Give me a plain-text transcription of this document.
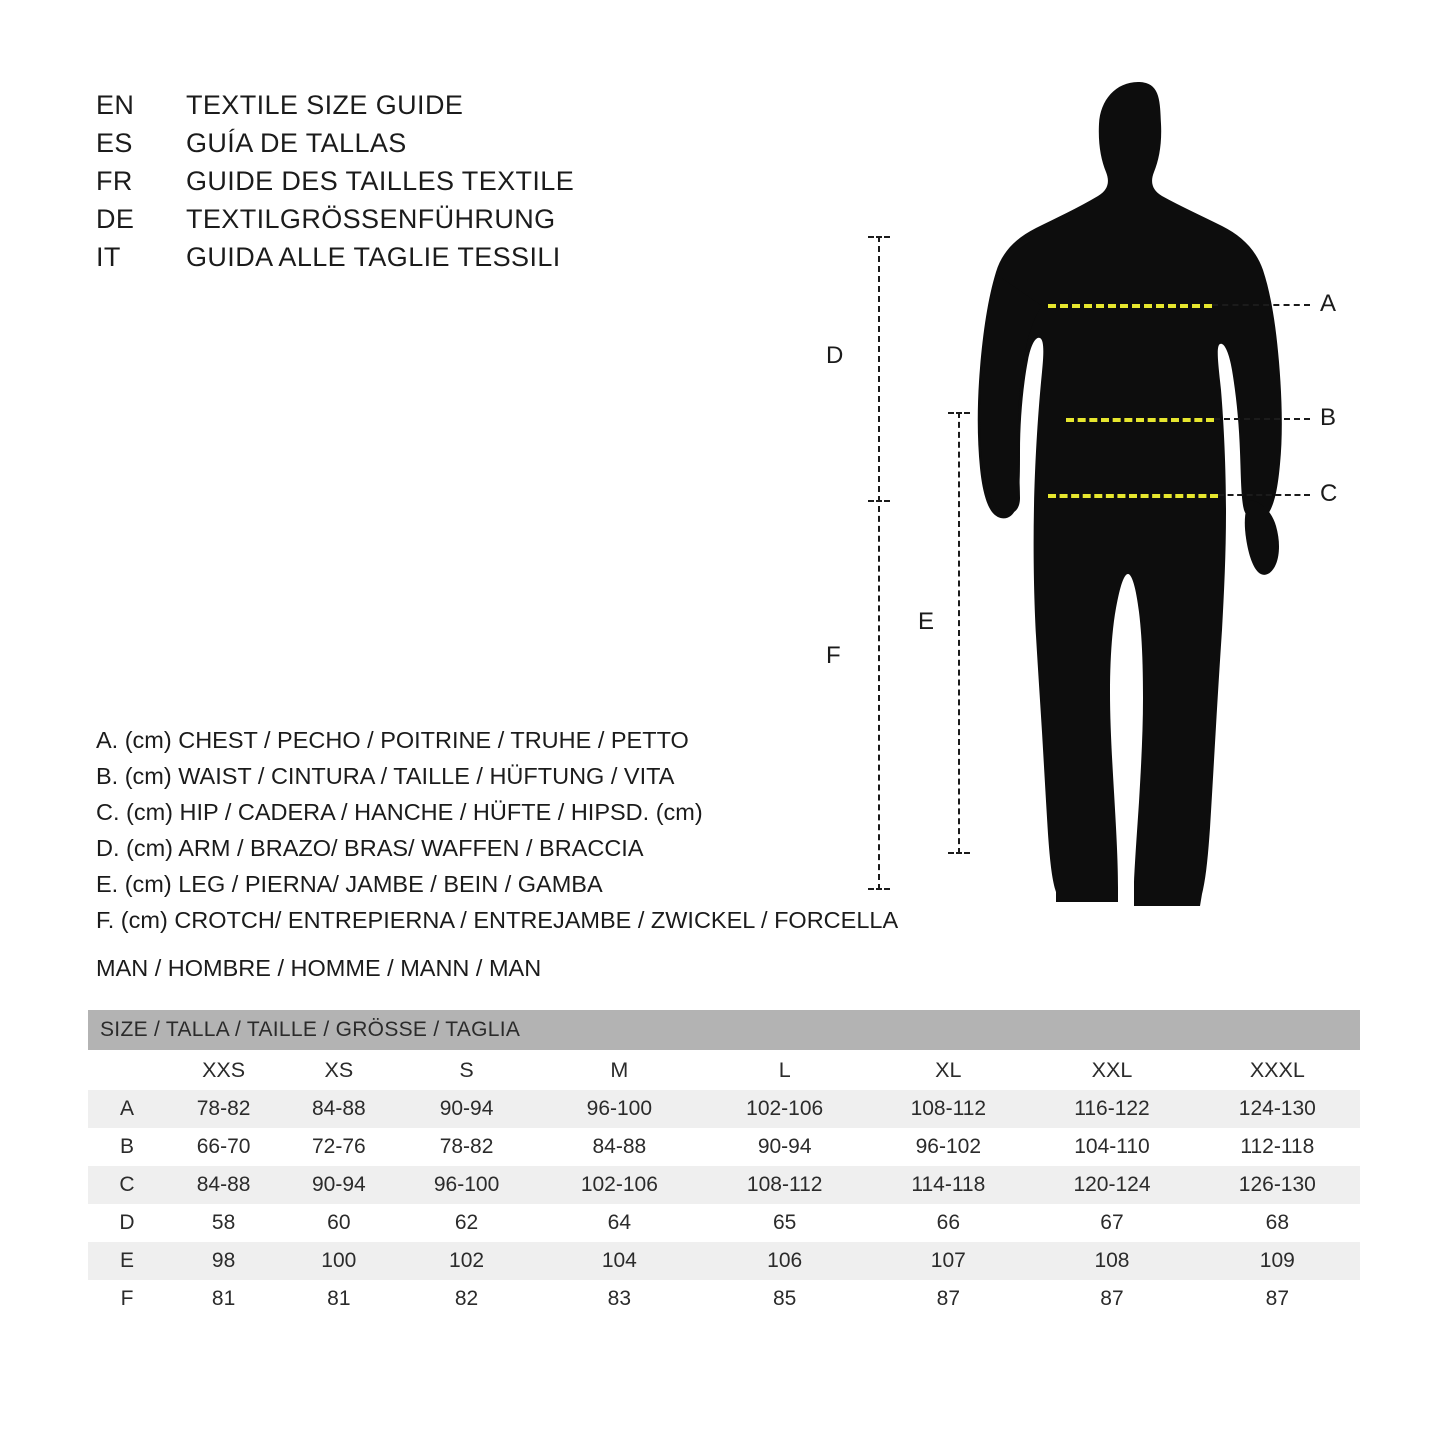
EN	TEXTILE SIZE GUIDE
ES	GUÍA DE TALLAS
FR	GUIDE DES TAILLES TEXTILE
DE	TEXTILGRÖSSENFÜHRUNG
IT	GUIDA ALLE TAGLIE TESSILI
A. (cm) CHEST / PECHO / POITRINE / TRUHE / PETTO
B. (cm) WAIST / CINTURA / TAILLE / HÜFTUNG / VITA
C. (cm) HIP / CADERA / HANCHE / HÜFTE / HIPSD. (cm)
D. (cm) ARM / BRAZO/ BRAS/ WAFFEN / BRACCIA
E. (cm) LEG / PIERNA/ JAMBE / BEIN / GAMBA
F. (cm) CROTCH/ ENTREPIERNA / ENTREJAMBE / ZWICKEL / FORCELLA
MAN / HOMBRE / HOMME / MANN / MAN
A
B
C
D
F
E
SIZE / TALLA / TAILLE / GRÖSSE / TAGLIA								
	XXS	XS	S	M	L	XL	XXL	XXXL
A	78-82	84-88	90-94	96-100	102-106	108-112	116-122	124-130
B	66-70	72-76	78-82	84-88	90-94	96-102	104-110	112-118
C	84-88	90-94	96-100	102-106	108-112	114-118	120-124	126-130
D	58	60	62	64	65	66	67	68
E	98	100	102	104	106	107	108	109
F	81	81	82	83	85	87	87	87
